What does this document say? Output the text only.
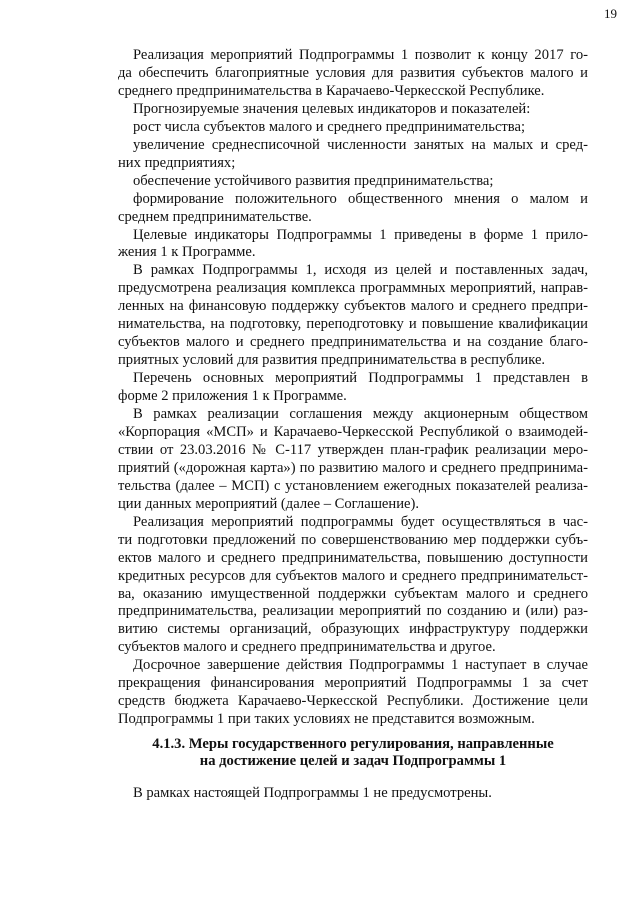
19
Реализация мероприятий Подпрограммы 1 позволит к концу 2017 го-
да обеспечить благоприятные условия для развития субъектов малого и
среднего предпринимательства в Карачаево-Черкесской Республике.
Прогнозируемые значения целевых индикаторов и показателей:
рост числа субъектов малого и среднего предпринимательства;
увеличение среднесписочной численности занятых на малых и сред-
них предприятиях;
обеспечение устойчивого развития предпринимательства;
формирование положительного общественного мнения о малом и
среднем предпринимательстве.
Целевые индикаторы Подпрограммы 1 приведены в форме 1 прило-
жения 1 к Программе.
В рамках Подпрограммы 1, исходя из целей и поставленных задач,
предусмотрена реализация комплекса программных мероприятий, направ-
ленных на финансовую поддержку субъектов малого и среднего предпри-
нимательства, на подготовку, переподготовку и повышение квалификации
субъектов малого и среднего предпринимательства и на создание благо-
приятных условий для развития предпринимательства в республике.
Перечень основных мероприятий Подпрограммы 1 представлен в
форме 2 приложения 1 к Программе.
В рамках реализации соглашения между акционерным обществом
«Корпорация «МСП» и Карачаево-Черкесской Республикой о взаимодей-
ствии от 23.03.2016 № С-117 утвержден план-график реализации меро-
приятий («дорожная карта») по развитию малого и среднего предпринима-
тельства (далее – МСП) с установлением ежегодных показателей реализа-
ции данных мероприятий (далее – Соглашение).
Реализация мероприятий подпрограммы будет осуществляться в час-
ти подготовки предложений по совершенствованию мер поддержки субъ-
ектов малого и среднего предпринимательства, повышению доступности
кредитных ресурсов для субъектов малого и среднего предпринимательст-
ва, оказанию имущественной поддержки субъектам малого и среднего
предпринимательства, реализации мероприятий по созданию и (или) раз-
витию системы организаций, образующих инфраструктуру поддержки
субъектов малого и среднего предпринимательства и другое.
Досрочное завершение действия Подпрограммы 1 наступает в случае
прекращения финансирования мероприятий Подпрограммы 1 за счет
средств бюджета Карачаево-Черкесской Республики. Достижение цели
Подпрограммы 1 при таких условиях не представится возможным.
4.1.3. Меры государственного регулирования, направленные
на достижение целей и задач Подпрограммы 1
В рамках настоящей Подпрограммы 1 не предусмотрены.
